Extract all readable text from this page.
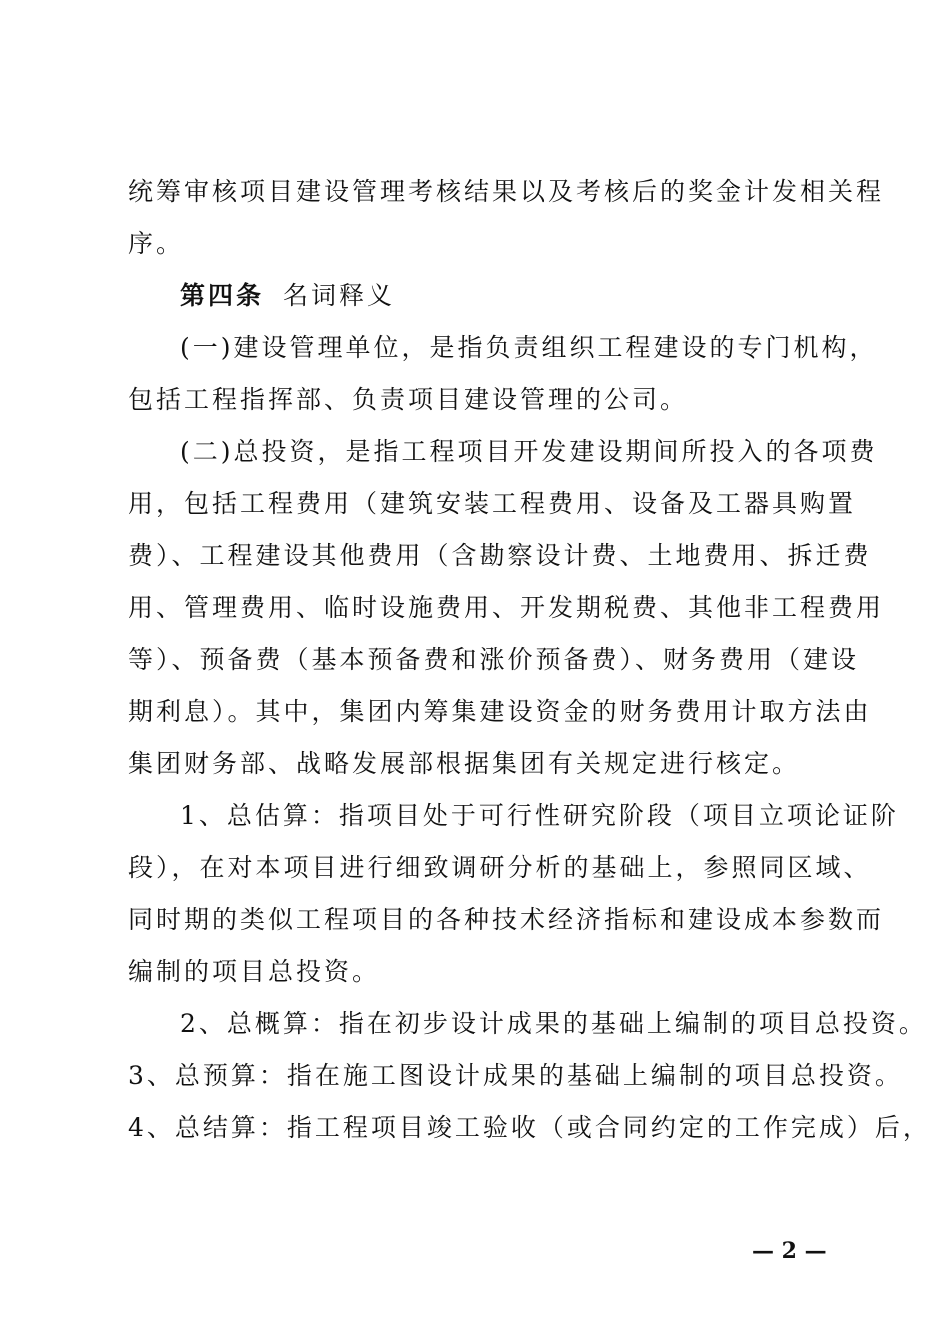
统筹审核项目建设管理考核结果以及考核后的奖金计发相关程
序。
第四条 名词释义
(一)建设管理单位，是指负责组织工程建设的专门机构，
包括工程指挥部、负责项目建设管理的公司。
(二)总投资，是指工程项目开发建设期间所投入的各项费
用，包括工程费用（建筑安装工程费用、设备及工器具购置
费）、工程建设其他费用（含勘察设计费、土地费用、拆迁费
用、管理费用、临时设施费用、开发期税费、其他非工程费用
等）、预备费（基本预备费和涨价预备费）、财务费用（建设
期利息）。其中，集团内筹集建设资金的财务费用计取方法由
集团财务部、战略发展部根据集团有关规定进行核定。
1、总估算：指项目处于可行性研究阶段（项目立项论证阶
段），在对本项目进行细致调研分析的基础上，参照同区域、
同时期的类似工程项目的各种技术经济指标和建设成本参数而
编制的项目总投资。
2、总概算：指在初步设计成果的基础上编制的项目总投资。
3、总预算：指在施工图设计成果的基础上编制的项目总投资。
4、总结算：指工程项目竣工验收（或合同约定的工作完成）后，
— 2 —
